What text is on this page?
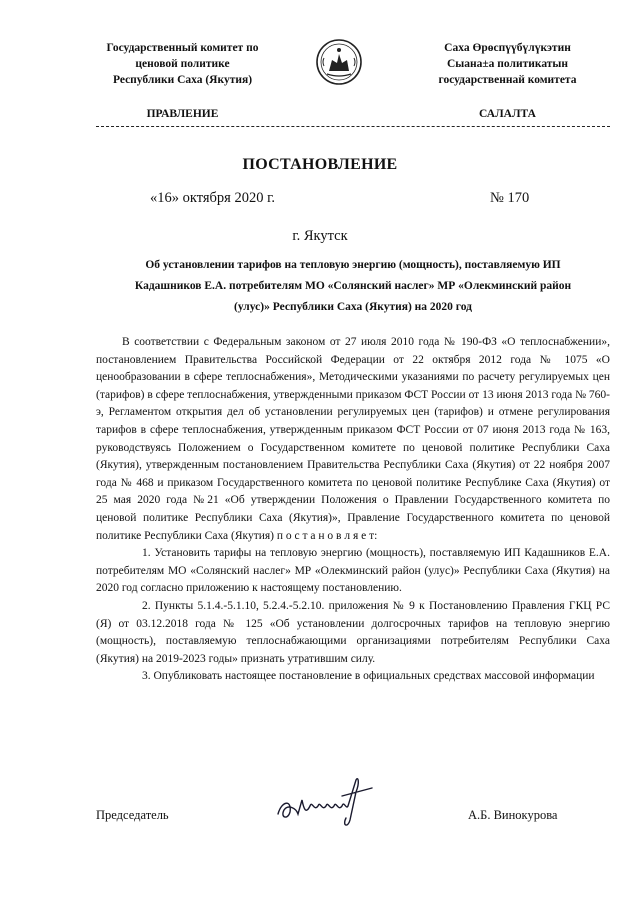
Государственный комитет по
ценовой политике
Республики Саха (Якутия)
Саха Өрөспүүбүлүкэтин
Сыана±а политикатын
государственнай комитета
ПРАВЛЕНИЕ	САЛАЛТА
ПОСТАНОВЛЕНИЕ
«16» октября 2020 г.	№ 170
г. Якутск
Об установлении тарифов на тепловую энергию (мощность), поставляемую ИП
Кадашников Е.А. потребителям МО «Солянский наслег» МР «Олекминский район
(улус)» Республики Саха (Якутия) на 2020 год

В соответствии с Федеральным законом от 27 июля 2010 года № 190-ФЗ «О теплоснабжении», постановлением Правительства Российской Федерации от 22 октября 2012 года № 1075 «О ценообразовании в сфере теплоснабжения», Методическими указаниями по расчету регулируемых цен (тарифов) в сфере теплоснабжения, утвержденными приказом ФСТ России от 13 июня 2013 года № 760-э, Регламентом открытия дел об установлении регулируемых цен (тарифов) и отмене регулирования тарифов в сфере теплоснабжения, утвержденным приказом ФСТ России от 07 июня 2013 года № 163, руководствуясь Положением о Государственном комитете по ценовой политике Республики Саха (Якутия), утвержденным постановлением Правительства Республики Саха (Якутия) от 22 ноября 2007 года № 468 и приказом Государственного комитета по ценовой политике Республике Саха (Якутия) от 25 мая 2020 года №21 «Об утверждении Положения о Правлении Государственного комитета по ценовой политике Республики Саха (Якутия)», Правление Государственного комитета по ценовой политике Республики Саха (Якутия) п о с т а н о в л я е т:

1. Установить тарифы на тепловую энергию (мощность), поставляемую ИП Кадашников Е.А. потребителям МО «Солянский наслег» МР «Олекминский район (улус)» Республики Саха (Якутия) на 2020 год согласно приложению к настоящему постановлению.

2. Пункты 5.1.4.-5.1.10, 5.2.4.-5.2.10. приложения № 9 к Постановлению Правления ГКЦ РС (Я) от 03.12.2018 года № 125 «Об установлении долгосрочных тарифов на тепловую энергию (мощность), поставляемую теплоснабжающими организациями потребителям Республики Саха (Якутия) на 2019-2023 годы» признать утратившим силу.

3. Опубликовать настоящее постановление в официальных средствах массовой информации

Председатель	А.Б. Винокурова
